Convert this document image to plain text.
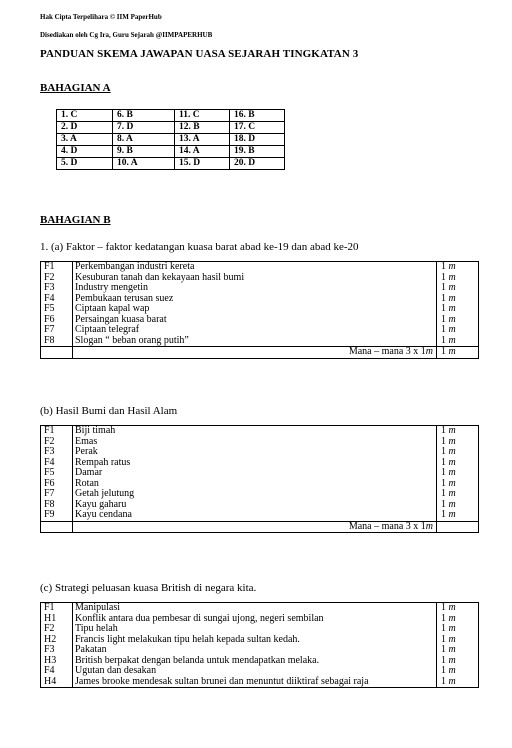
Hak Cipta Terpelihara © IIM PaperHub
Disediakan oleh Cg Ira, Guru Sejarah @IIMPAPERHUB
PANDUAN SKEMA JAWAPAN UASA SEJARAH TINGKATAN 3
BAHAGIAN A
1. C	6. B	11. C	16. B
2. D	7. D	12. B	17. C
3. A	8. A	13. A	18. D
4. D	9. B	14. A	19. B
5. D	10. A	15. D	20. D
BAHAGIAN B
1. (a) Faktor – faktor kedatangan kuasa barat abad ke-19 dan abad ke-20
F1	Perkembangan industri kereta	1 m
F2	Kesuburan tanah dan kekayaan hasil bumi	1 m
F3	Industry mengetin	1 m
F4	Pembukaan terusan suez	1 m
F5	Ciptaan kapal wap	1 m
F6	Persaingan kuasa barat	1 m
F7	Ciptaan telegraf	1 m
F8	Slogan “ beban orang putih”	1 m
	Mana – mana 3 x 1m	1 m
(b) Hasil Bumi dan Hasil Alam
F1	Biji timah	1 m
F2	Emas	1 m
F3	Perak	1 m
F4	Rempah ratus	1 m
F5	Damar	1 m
F6	Rotan	1 m
F7	Getah jelutung	1 m
F8	Kayu gaharu	1 m
F9	Kayu cendana	1 m
	Mana – mana 3 x 1m	
(c) Strategi peluasan kuasa British di negara kita.
F1	Manipulasi	1 m
H1	Konflik antara dua pembesar di sungai ujong, negeri sembilan	1 m
F2	Tipu helah	1 m
H2	Francis light melakukan tipu helah kepada sultan kedah.	1 m
F3	Pakatan	1 m
H3	British berpakat dengan belanda untuk mendapatkan melaka.	1 m
F4	Ugutan dan desakan	1 m
H4	James brooke mendesak sultan brunei dan menuntut diiktiraf sebagai raja	1 m
